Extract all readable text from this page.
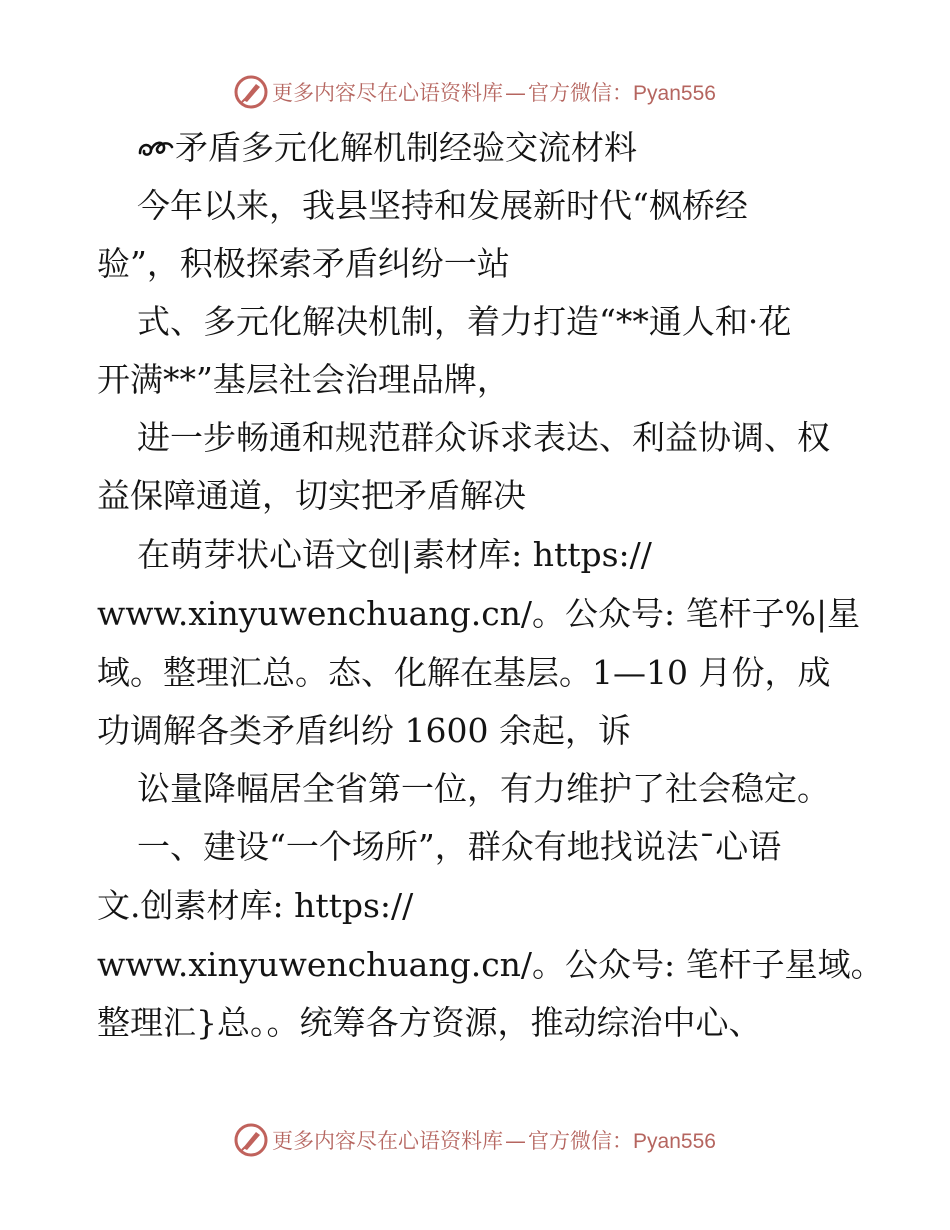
更多内容尽在心语资料库—官方微信：Pyan556
矛盾多元化解机制经验交流材料
今年以来，我县坚持和发展新时代“枫桥经
验”，积极探索矛盾纠纷一站
式、多元化解决机制，着力打造“**通人和·花
开满**”基层社会治理品牌，
进一步畅通和规范群众诉求表达、利益协调、权
益保障通道，切实把矛盾解决
在萌芽状心语文创|素材库: https://
www.xinyuwenchuang.cn/。公众号: 笔杆子%|星
域。整理汇总。态、化解在基层。1—10 月份，成
功调解各类矛盾纠纷 1600 余起，诉
讼量降幅居全省第一位，有力维护了社会稳定。
一、建设“一个场所”，群众有地找说法¯心语
文.创素材库: https://
www.xinyuwenchuang.cn/。公众号: 笔杆子星域。
整理汇}总。。统筹各方资源，推动综治中心、
更多内容尽在心语资料库—官方微信：Pyan556
